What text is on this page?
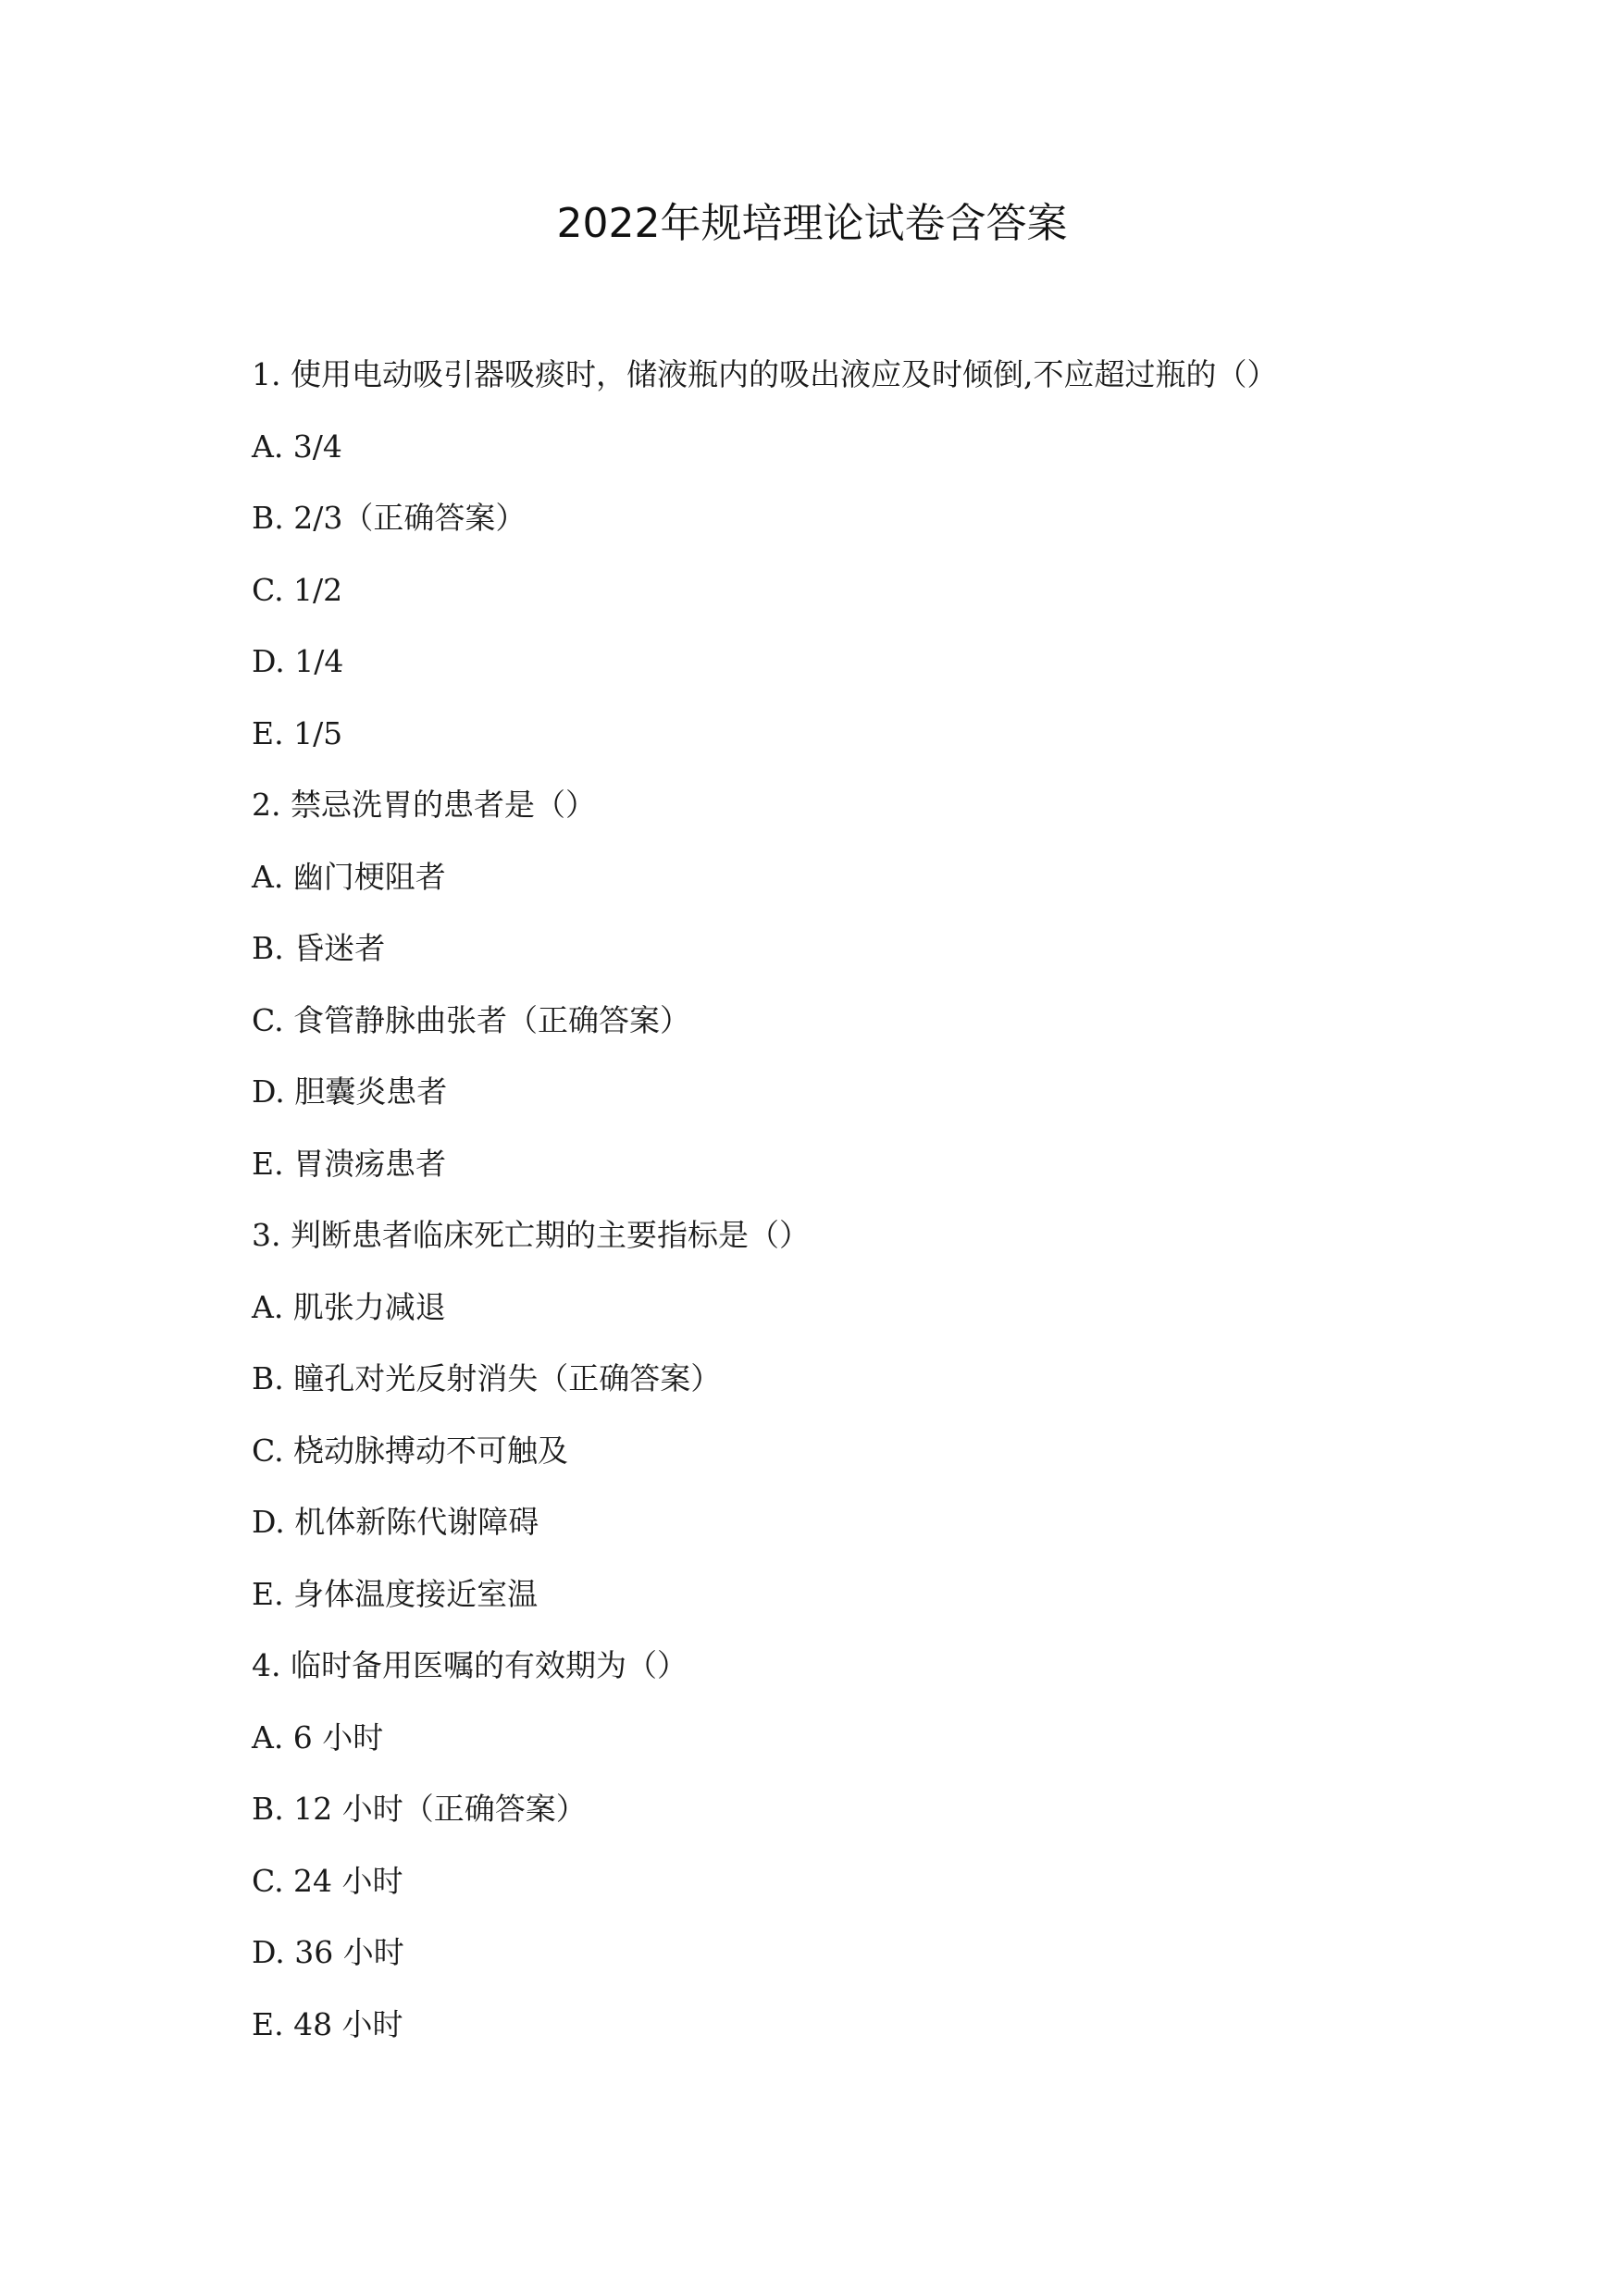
2022年规培理论试卷含答案

1. 使用电动吸引器吸痰时，储液瓶内的吸出液应及时倾倒,不应超过瓶的（）

A. 3/4

B. 2/3（正确答案）

C. 1/2

D. 1/4

E. 1/5

2. 禁忌洗胃的患者是（）

A. 幽门梗阻者

B. 昏迷者

C. 食管静脉曲张者（正确答案）

D. 胆囊炎患者

E. 胃溃疡患者

3. 判断患者临床死亡期的主要指标是（）

A. 肌张力减退

B. 瞳孔对光反射消失（正确答案）

C. 桡动脉搏动不可触及

D. 机体新陈代谢障碍

E. 身体温度接近室温

4. 临时备用医嘱的有效期为（）

A. 6 小时

B. 12 小时（正确答案）

C. 24 小时

D. 36 小时

E. 48 小时
